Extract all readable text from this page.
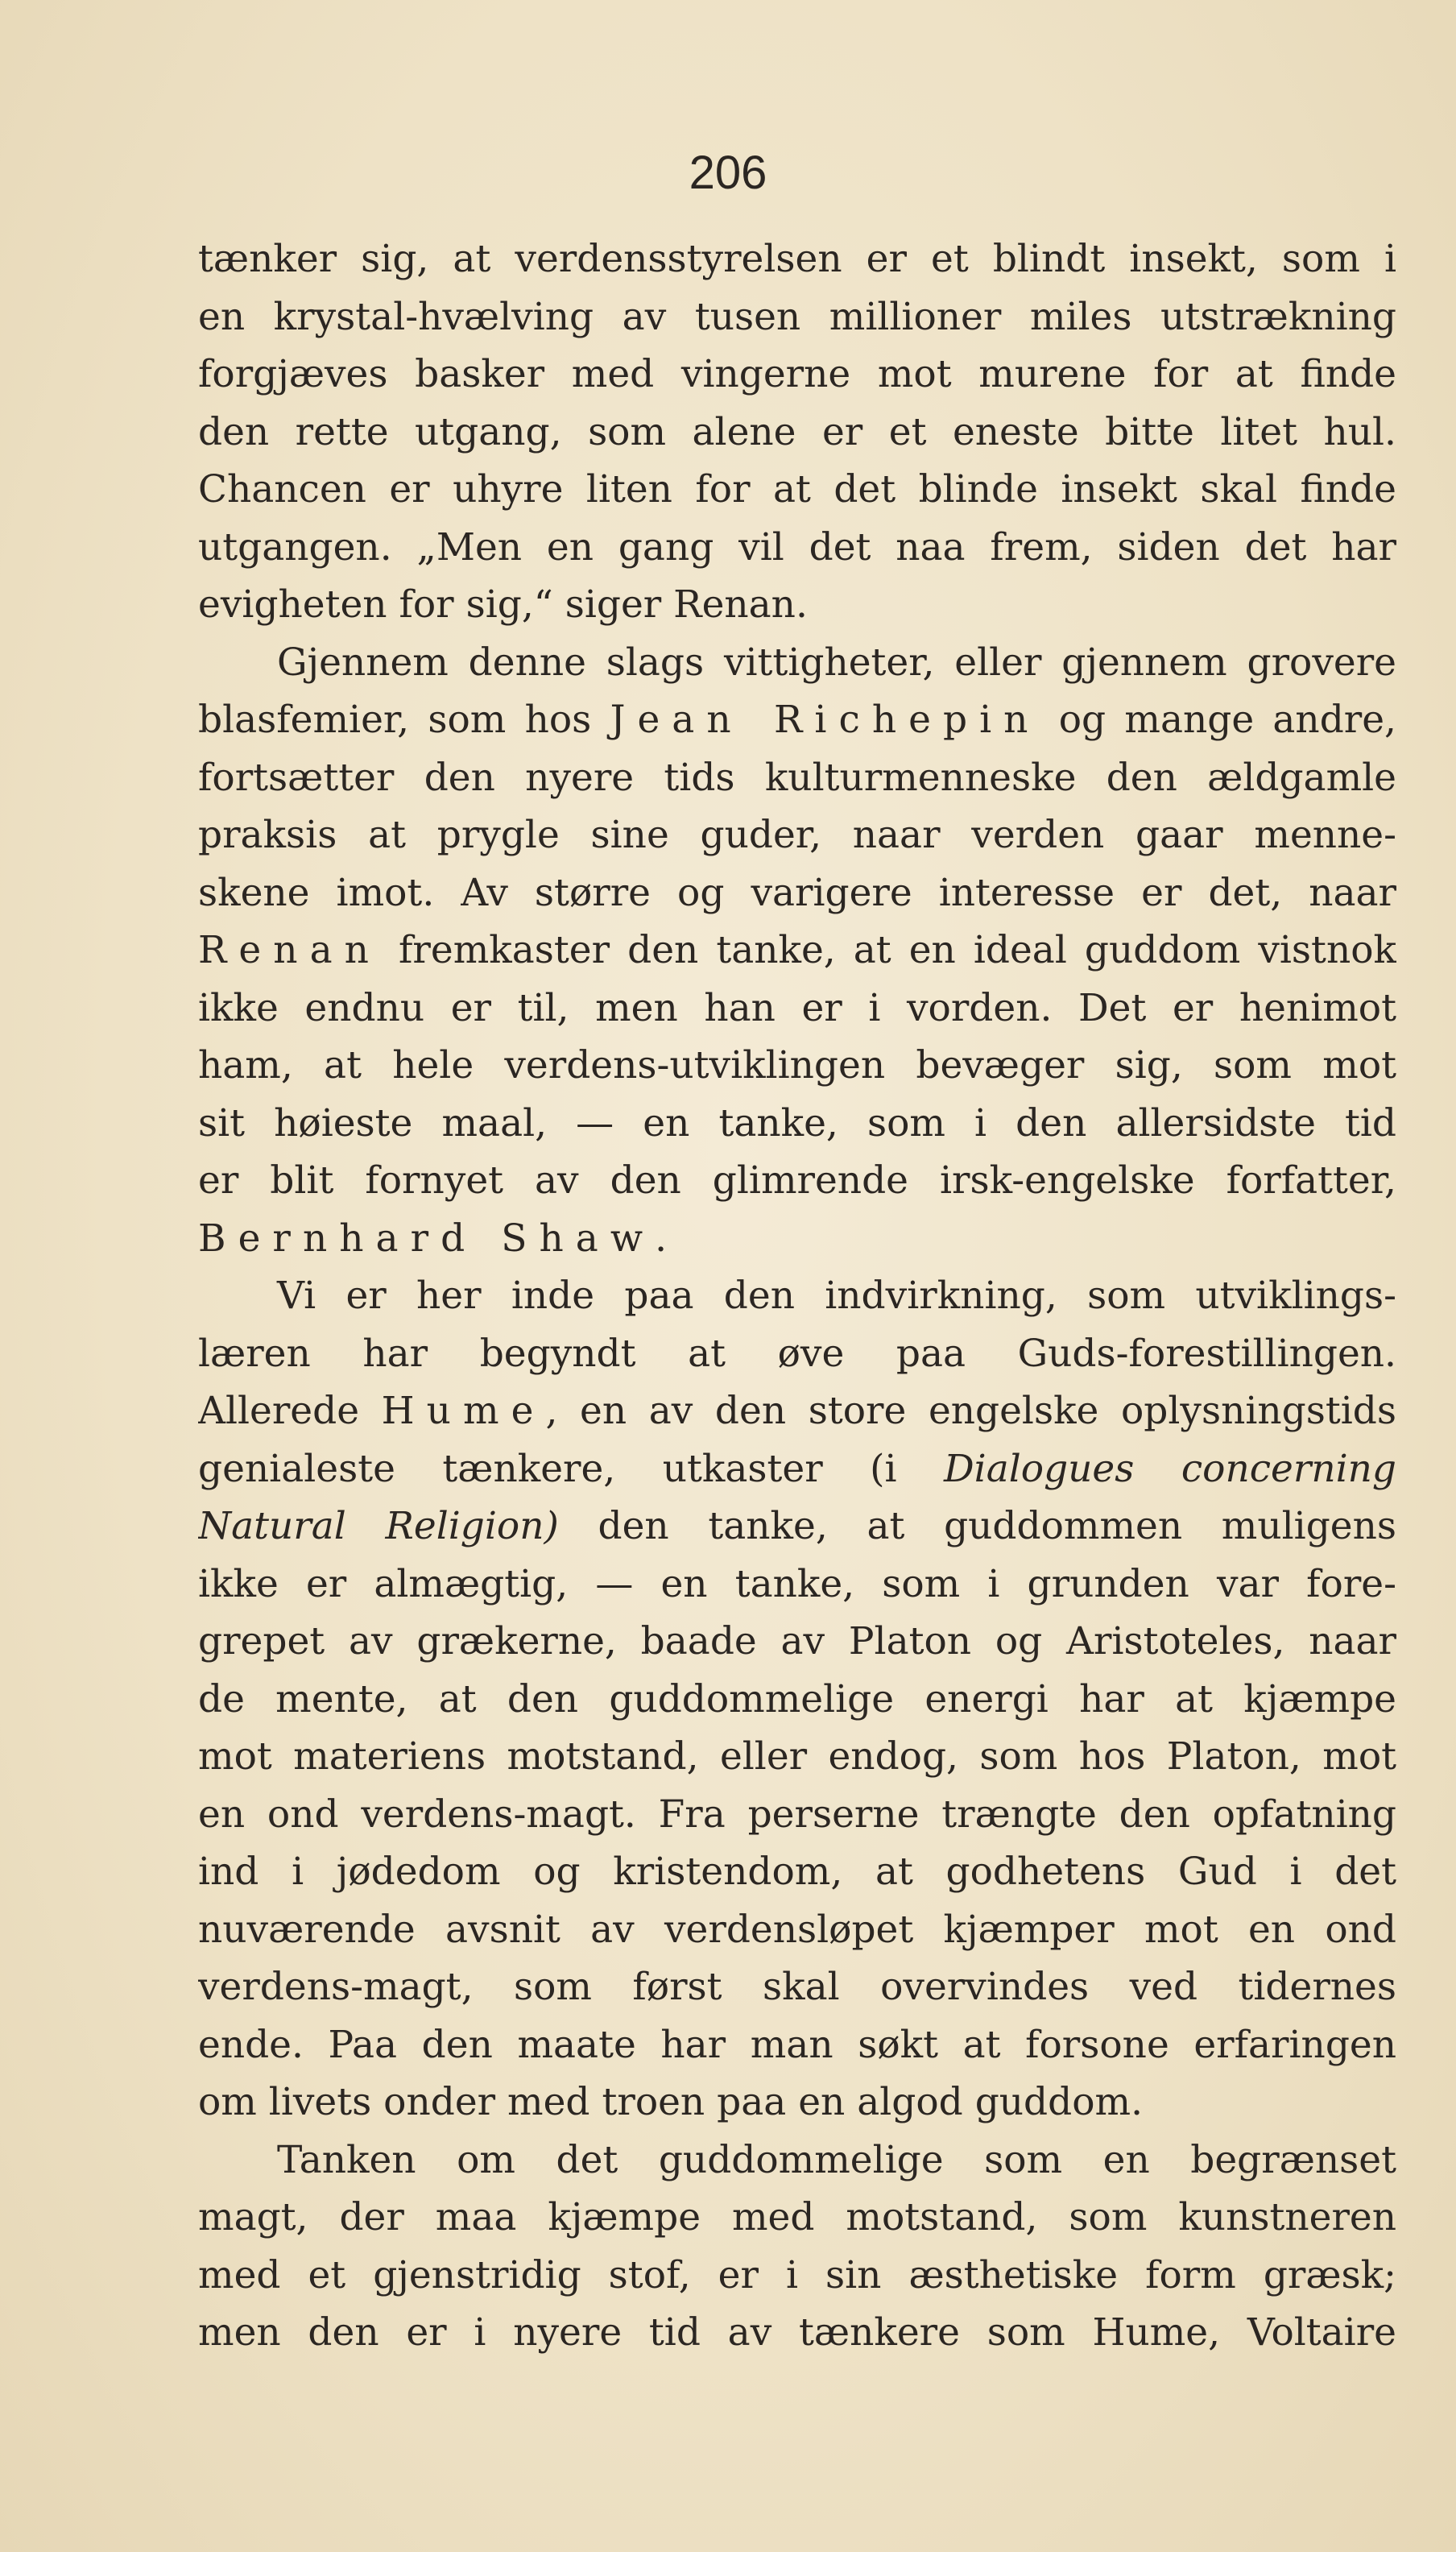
206
tænker sig, at verdensstyrelsen er et blindt insekt, som i
en krystal-hvælving av tusen millioner miles utstrækning
forgjæves basker med vingerne mot murene for at finde
den rette utgang, som alene er et eneste bitte litet hul.
Chancen er uhyre liten for at det blinde insekt skal finde
utgangen. „Men en gang vil det naa frem, siden det har
evigheten for sig,“ siger Renan.
Gjennem denne slags vittigheter, eller gjennem grovere
blasfemier, som hos Jean Richepin og mange andre,
fortsætter den nyere tids kulturmenneske den ældgamle
praksis at prygle sine guder, naar verden gaar menne-
skene imot. Av større og varigere interesse er det, naar
Renan fremkaster den tanke, at en ideal guddom vistnok
ikke endnu er til, men han er i vorden. Det er henimot
ham, at hele verdens-utviklingen bevæger sig, som mot
sit høieste maal, — en tanke, som i den allersidste tid
er blit fornyet av den glimrende irsk-engelske forfatter,
Bernhard Shaw.
Vi er her inde paa den indvirkning, som utviklings-
læren har begyndt at øve paa Guds-forestillingen.
Allerede Hume, en av den store engelske oplysningstids
genialeste tænkere, utkaster (i Dialogues concerning
Natural Religion) den tanke, at guddommen muligens
ikke er almægtig, — en tanke, som i grunden var fore-
grepet av grækerne, baade av Platon og Aristoteles, naar
de mente, at den guddommelige energi har at kjæmpe
mot materiens motstand, eller endog, som hos Platon, mot
en ond verdens-magt. Fra perserne trængte den opfatning
ind i jødedom og kristendom, at godhetens Gud i det
nuværende avsnit av verdensløpet kjæmper mot en ond
verdens-magt, som først skal overvindes ved tidernes
ende. Paa den maate har man søkt at forsone erfaringen
om livets onder med troen paa en algod guddom.
Tanken om det guddommelige som en begrænset
magt, der maa kjæmpe med motstand, som kunstneren
med et gjenstridig stof, er i sin æsthetiske form græsk;
men den er i nyere tid av tænkere som Hume, Voltaire
